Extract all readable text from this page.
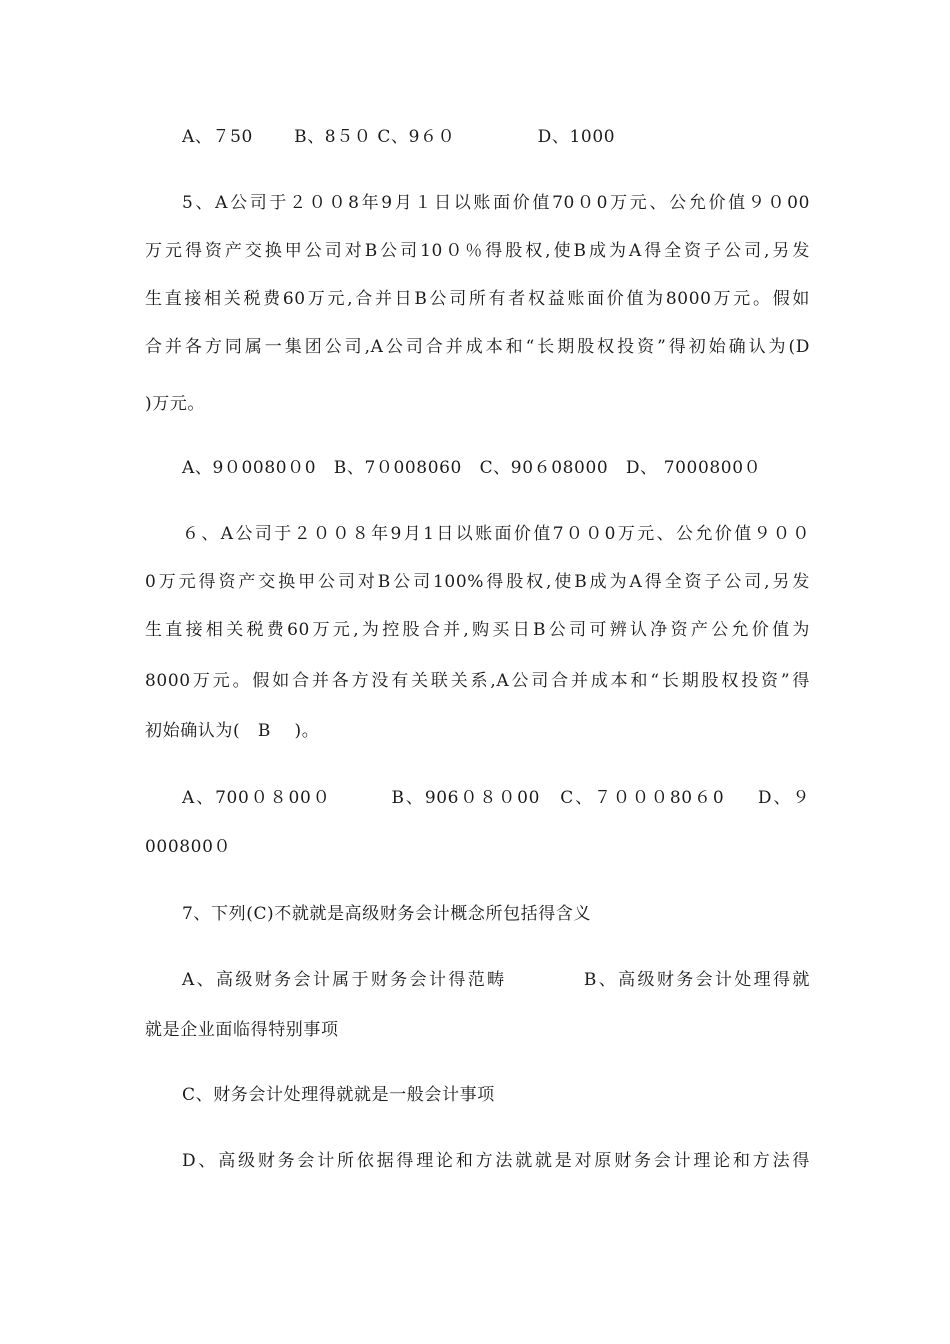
A、７50 　　B、8５０ C、9６０ 　　　 　D、1000
5、A公司于２００8年9月１日以账面价值70０0万元、公允价值９０00
万元得资产交换甲公司对B公司10０％得股权,使B成为A得全资子公司,另发
生直接相关税费60万元,合并日B公司所有者权益账面价值为8000万元。假如
合并各方同属一集团公司,A公司合并成本和“长期股权投资”得初始确认为(D
)万元。
A、9０0080０0　B、7０008060　C、90６08000　D、 7000800０
６、A公司于２００８年9月1日以账面价值7００0万元、公允价值９００
0万元得资产交换甲公司对B公司100%得股权,使B成为A得全资子公司,另发
生直接相关税费60万元,为控股合并,购买日B公司可辨认净资产公允价值为
8000万元。假如合并各方没有关联关系,A公司合并成本和“长期股权投资”得
初始确认为(　B　 )。
A、700０８00０ 　 　 B、906０８０00　C、７０００80６0 　 D、９
000800０
7、下列(C)不就就是高级财务会计概念所包括得含义
A、高级财务会计属于财务会计得范畴　　　　B、高级财务会计处理得就
就是企业面临得特别事项
C、财务会计处理得就就是一般会计事项
D、高级财务会计所依据得理论和方法就就是对原财务会计理论和方法得
